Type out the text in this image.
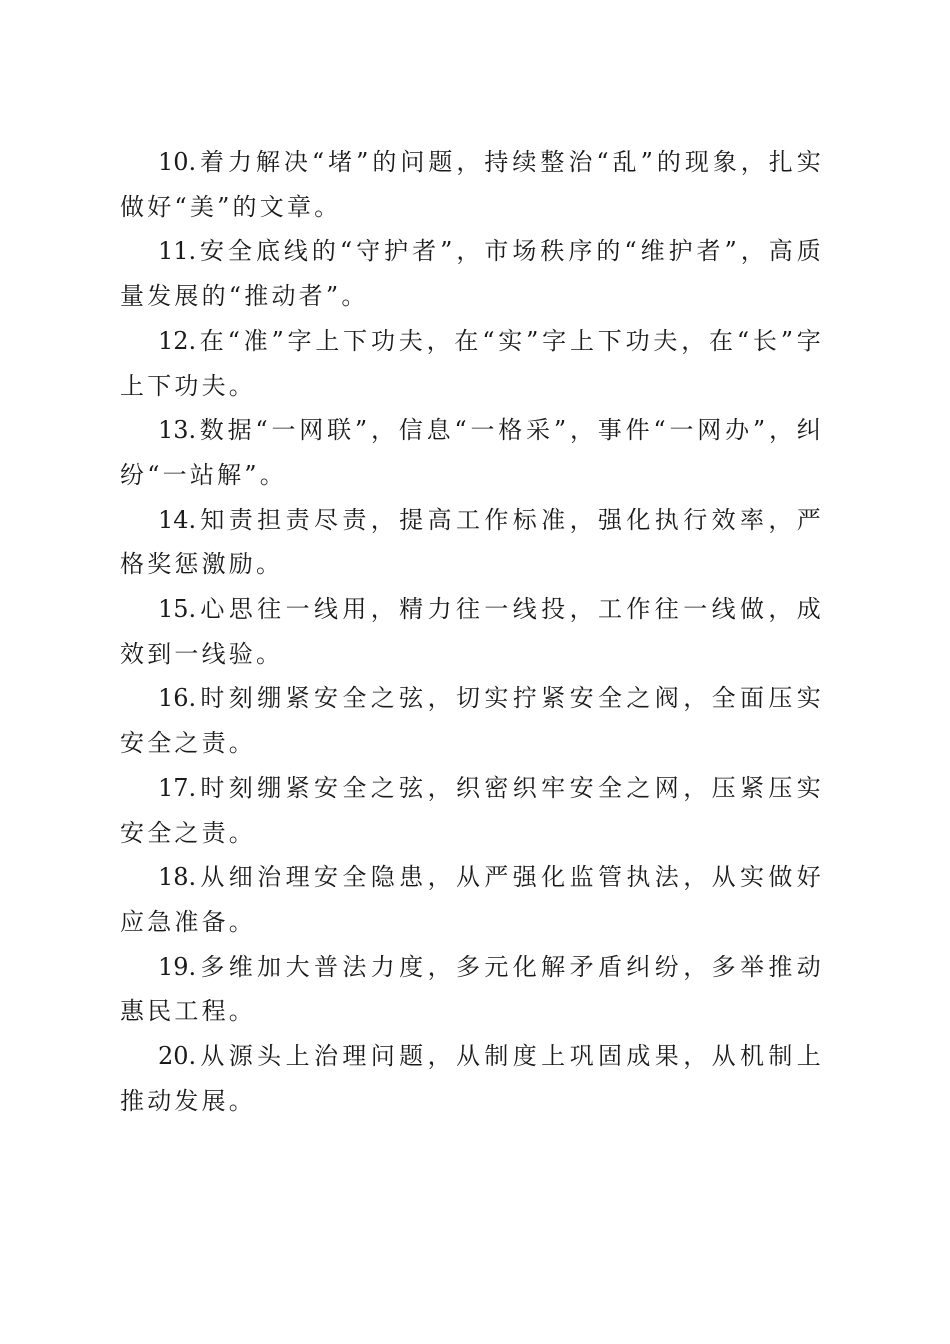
10. 着力解决“堵”的问题，持续整治“乱”的现象，扎实做好“美”的文章。

11. 安全底线的“守护者”，市场秩序的“维护者”，高质量发展的“推动者”。

12. 在“准”字上下功夫，在“实”字上下功夫，在“长”字上下功夫。

13. 数据“一网联”，信息“一格采”，事件“一网办”，纠纷“一站解”。

14. 知责担责尽责，提高工作标准，强化执行效率，严格奖惩激励。

15. 心思往一线用，精力往一线投，工作往一线做，成效到一线验。

16. 时刻绷紧安全之弦，切实拧紧安全之阀，全面压实安全之责。

17. 时刻绷紧安全之弦，织密织牢安全之网，压紧压实安全之责。

18. 从细治理安全隐患，从严强化监管执法，从实做好应急准备。

19. 多维加大普法力度，多元化解矛盾纠纷，多举推动惠民工程。

20. 从源头上治理问题，从制度上巩固成果，从机制上推动发展。
